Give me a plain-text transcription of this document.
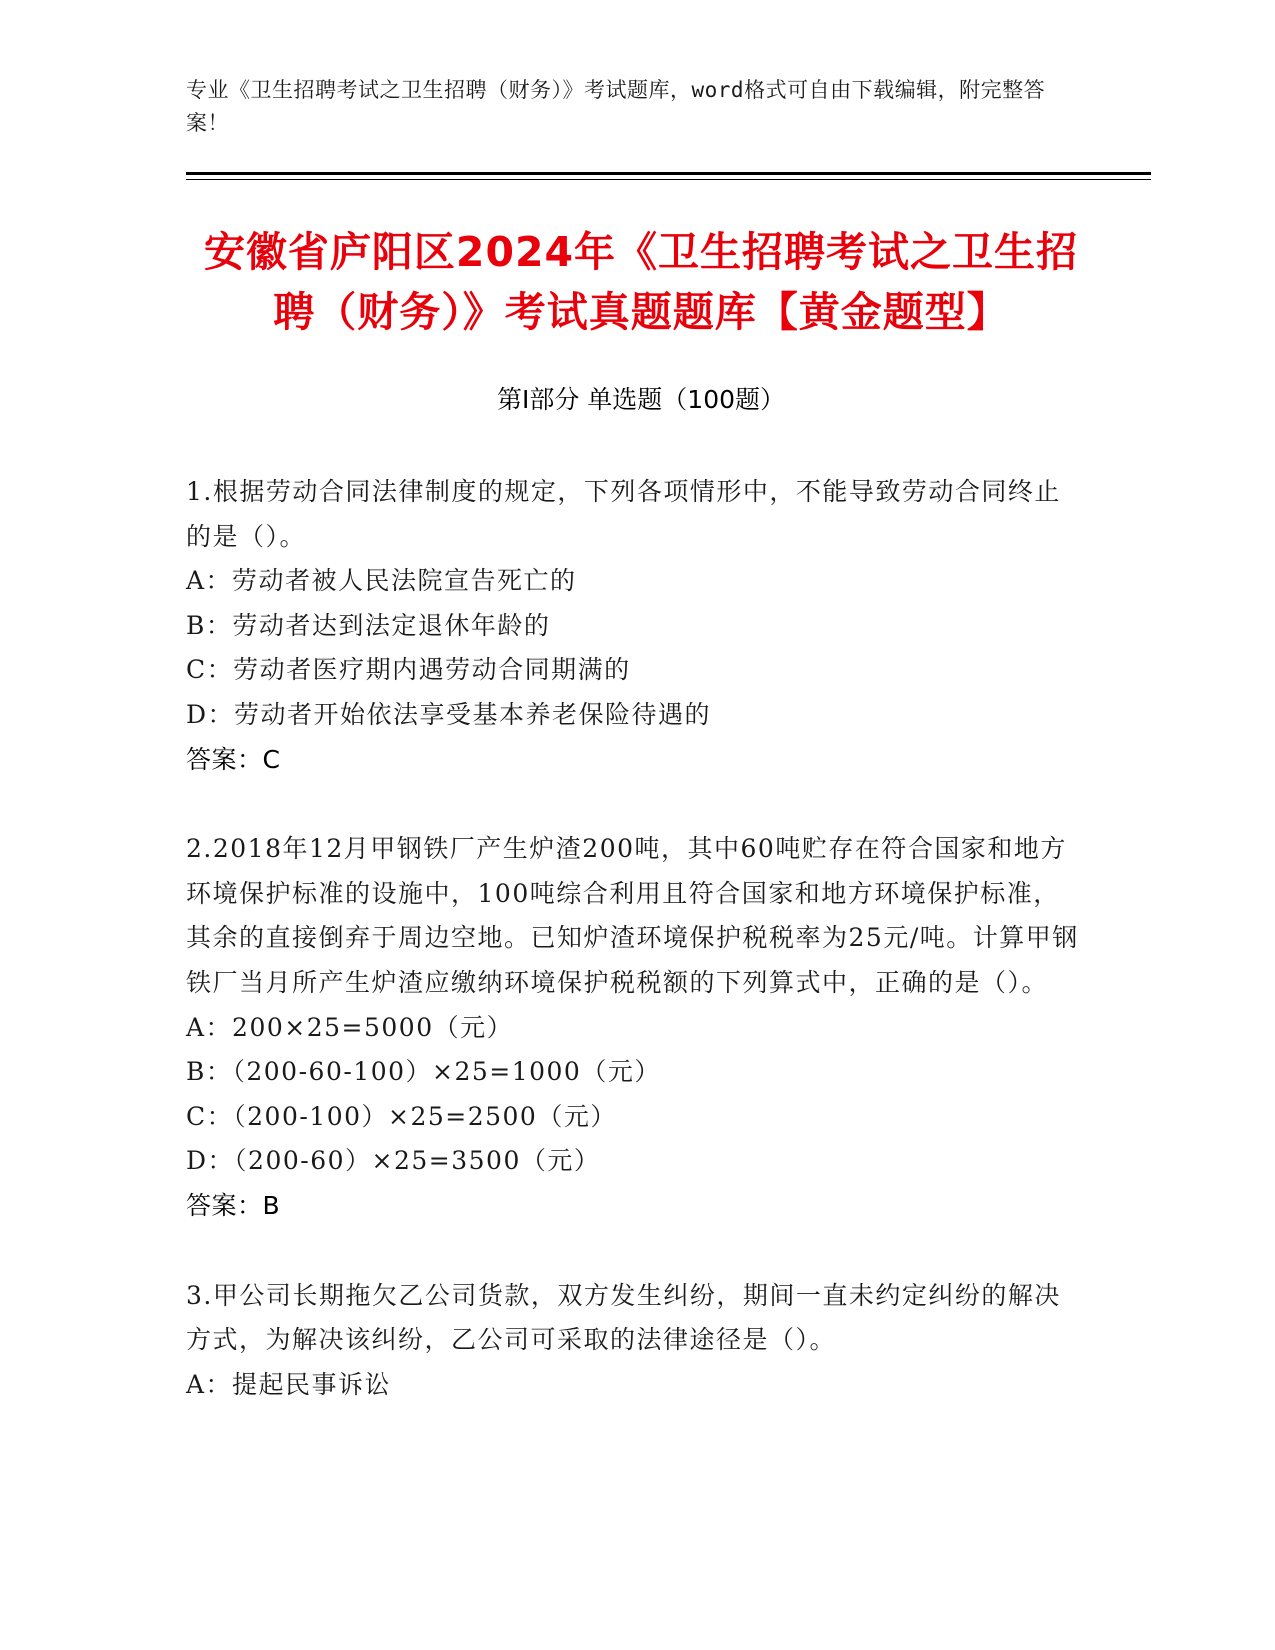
专业《卫生招聘考试之卫生招聘（财务）》考试题库，word格式可自由下载编辑，附完整答案！
安徽省庐阳区2024年《卫生招聘考试之卫生招聘（财务）》考试真题题库【黄金题型】
第I部分 单选题（100题）

1.根据劳动合同法律制度的规定，下列各项情形中，不能导致劳动合同终止的是（）。

A：劳动者被人民法院宣告死亡的

B：劳动者达到法定退休年龄的

C：劳动者医疗期内遇劳动合同期满的

D：劳动者开始依法享受基本养老保险待遇的

答案：C

2.2018年12月甲钢铁厂产生炉渣200吨，其中60吨贮存在符合国家和地方环境保护标准的设施中，100吨综合利用且符合国家和地方环境保护标准，其余的直接倒弃于周边空地。已知炉渣环境保护税税率为25元/吨。计算甲钢铁厂当月所产生炉渣应缴纳环境保护税税额的下列算式中，正确的是（）。

A：200×25=5000（元）

B：（200-60-100）×25=1000（元）

C：（200-100）×25=2500（元）

D：（200-60）×25=3500（元）

答案：B

3.甲公司长期拖欠乙公司货款，双方发生纠纷，期间一直未约定纠纷的解决方式，为解决该纠纷，乙公司可采取的法律途径是（）。

A：提起民事诉讼
